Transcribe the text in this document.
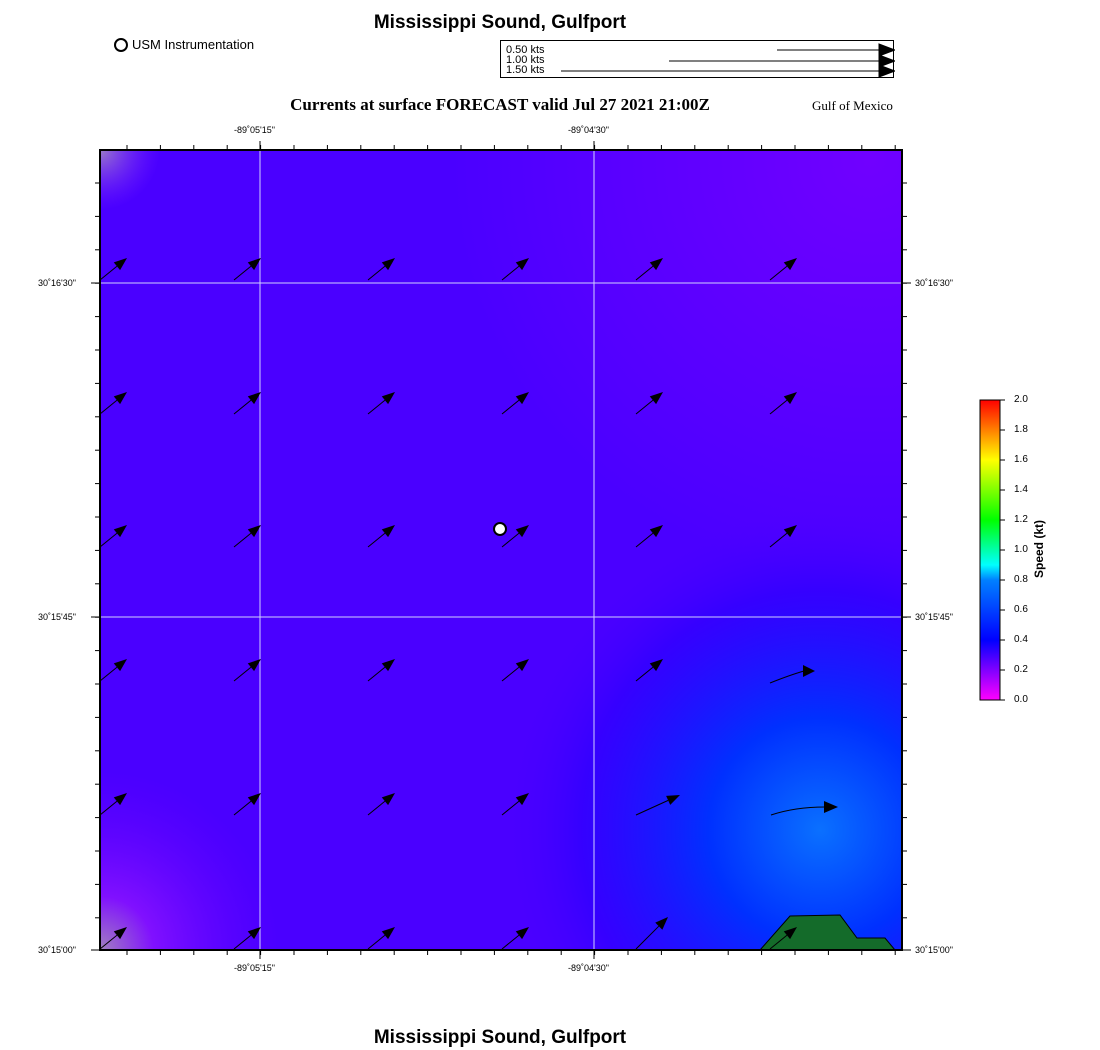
Mississippi Sound, Gulfport
USM Instrumentation	0.50 kts
1.00 kts
1.50 kts
Currents at surface FORECAST valid Jul 27 2021 21:00Z	Gulf of Mexico
-89˚05'15"	-89˚04'30"
-89˚05'15"	-89˚04'30"
30˚16'30"
30˚15'45"
30˚15'00"
30˚16'30"
30˚15'45"
30˚15'00"
2.0
1.8
1.6
1.4
1.2
1.0
0.8
0.6
0.4
0.2
0.0
Speed (kt)
Mississippi Sound, Gulfport
